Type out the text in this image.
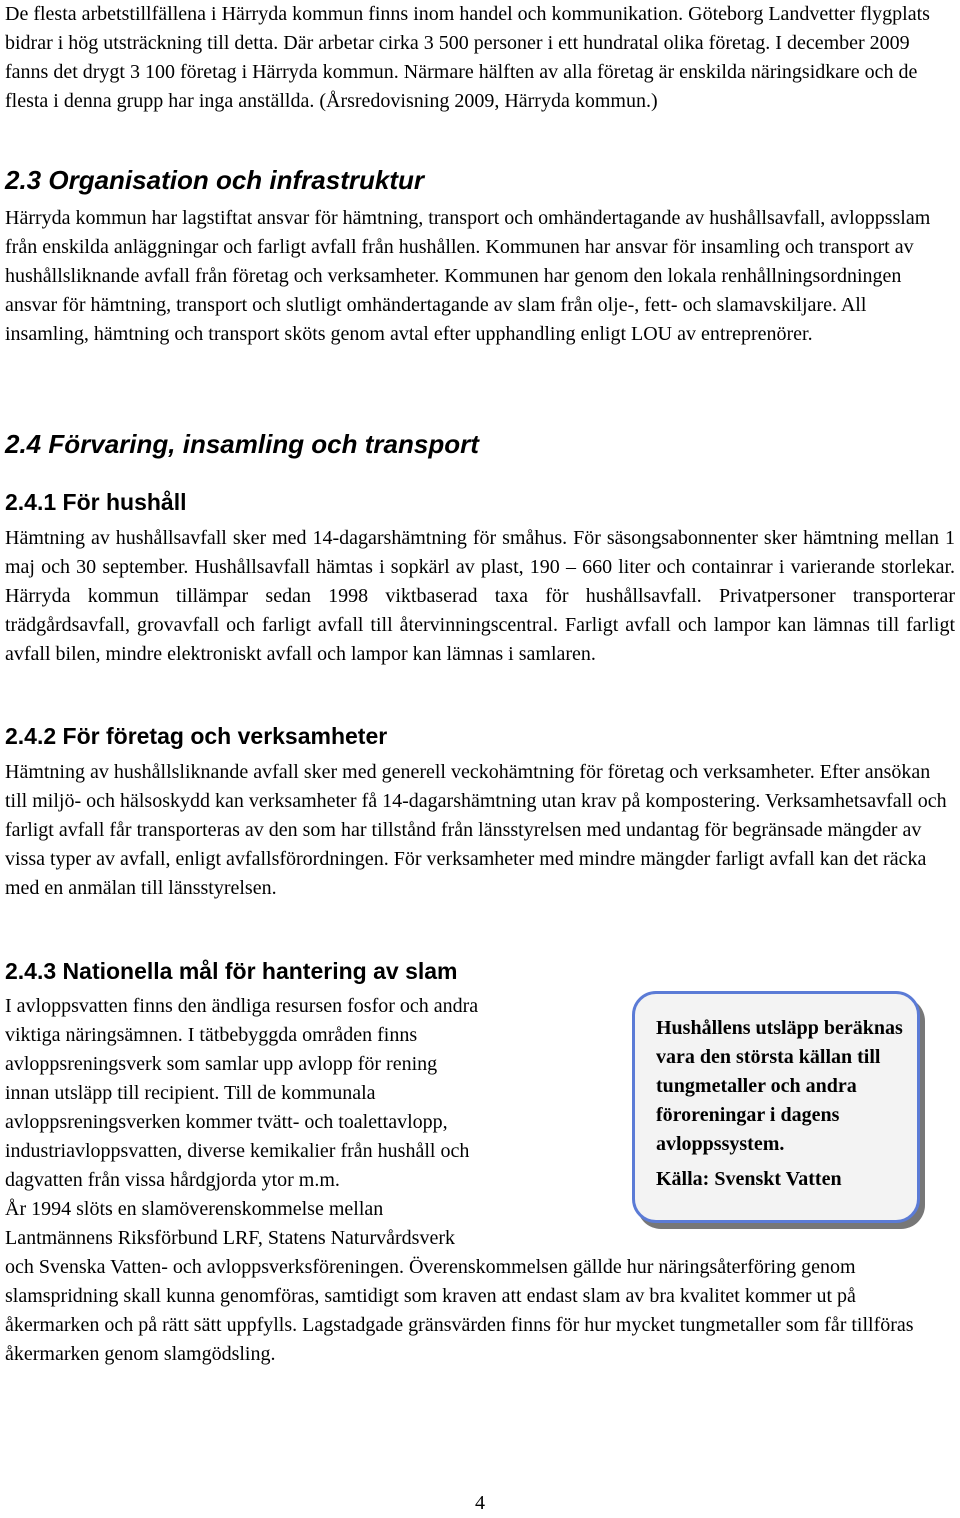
De flesta arbetstillfällena i Härryda kommun finns inom handel och kommunikation. Göteborg Landvetter flygplats bidrar i hög utsträckning till detta. Där arbetar cirka 3 500 personer i ett hundratal olika företag. I december 2009 fanns det drygt 3 100 företag i Härryda kommun. Närmare hälften av alla företag är enskilda näringsidkare och de flesta i denna grupp har inga anställda. (Årsredovisning 2009, Härryda kommun.)

2.3 Organisation och infrastruktur

Härryda kommun har lagstiftat ansvar för hämtning, transport och omhändertagande av hushållsavfall, avloppsslam från enskilda anläggningar och farligt avfall från hushållen. Kommunen har ansvar för insamling och transport av hushållsliknande avfall från företag och verksamheter. Kommunen har genom den lokala renhållningsordningen ansvar för hämtning, transport och slutligt omhändertagande av slam från olje-, fett- och slamavskiljare. All insamling, hämtning och transport sköts genom avtal efter upphandling enligt LOU av entreprenörer.

2.4 Förvaring, insamling och transport
2.4.1 För hushåll

Hämtning av hushållsavfall sker med 14-dagarshämtning för småhus. För säsongsabonnenter sker hämtning mellan 1 maj och 30 september. Hushållsavfall hämtas i sopkärl av plast, 190 – 660 liter och containrar i varierande storlekar. Härryda kommun tillämpar sedan 1998 viktbaserad taxa för hushållsavfall. Privatpersoner transporterar trädgårdsavfall, grovavfall och farligt avfall till återvinningscentral. Farligt avfall och lampor kan lämnas till farligt avfall bilen, mindre elektroniskt avfall och lampor kan lämnas i samlaren.

2.4.2 För företag och verksamheter

Hämtning av hushållsliknande avfall sker med generell veckohämtning för företag och verksamheter. Efter ansökan till miljö- och hälsoskydd kan verksamheter få 14-dagarshämtning utan krav på kompostering. Verksamhetsavfall och farligt avfall får transporteras av den som har tillstånd från länsstyrelsen med undantag för begränsade mängder av vissa typer av avfall, enligt avfallsförordningen. För verksamheter med mindre mängder farligt avfall kan det räcka med en anmälan till länsstyrelsen.

2.4.3 Nationella mål för hantering av slam

I avloppsvatten finns den ändliga resursen fosfor och andra

viktiga näringsämnen. I tätbebyggda områden finns

avloppsreningsverk som samlar upp avlopp för rening

innan utsläpp till recipient. Till de kommunala

avloppsreningsverken kommer tvätt- och toalettavlopp,

industriavloppsvatten, diverse kemikalier från hushåll och

dagvatten från vissa hårdgjorda ytor m.m.

År 1994 slöts en slamöverenskommelse mellan

Lantmännens Riksförbund LRF, Statens Naturvårdsverk

och Svenska Vatten- och avloppsverksföreningen. Överenskommelsen gällde hur näringsåterföring genom slamspridning skall kunna genomföras, samtidigt som kraven att endast slam av bra kvalitet kommer ut på åkermarken och på rätt sätt uppfylls. Lagstadgade gränsvärden finns för hur mycket tungmetaller som får tillföras åkermarken genom slamgödsling.

Hushållens utsläpp beräknas vara den största källan till tungmetaller och andra föroreningar i dagens avloppssystem.
Källa: Svenskt Vatten
4
